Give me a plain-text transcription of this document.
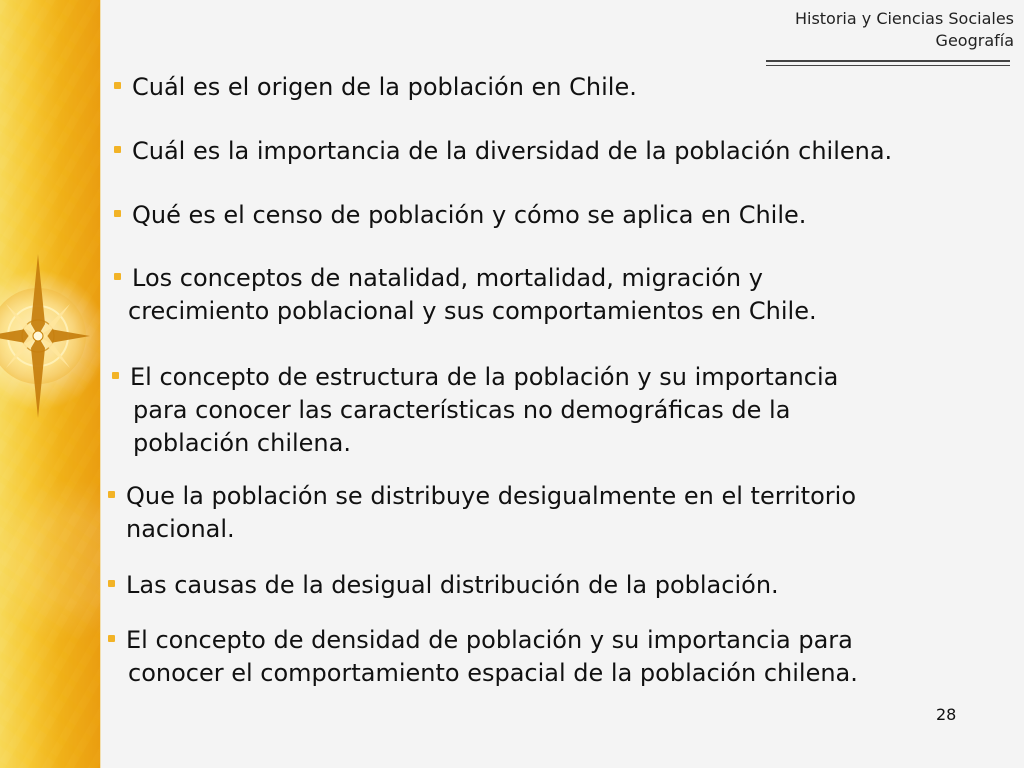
Historia y Ciencias Sociales
Geografía
Cuál es el origen de la población en Chile.
Cuál es la importancia de la diversidad de la población chilena.
Qué es el censo de población y cómo se aplica en Chile.
Los conceptos de natalidad, mortalidad, migración y
crecimiento poblacional y sus comportamientos en Chile.
El concepto de estructura de la población y su importancia
para conocer las características no demográficas de la
población chilena.
Que la población se distribuye desigualmente en el territorio
nacional.
Las causas de la desigual distribución de la población.
El concepto de densidad de población y su importancia para
conocer el comportamiento espacial de la población chilena.
28
